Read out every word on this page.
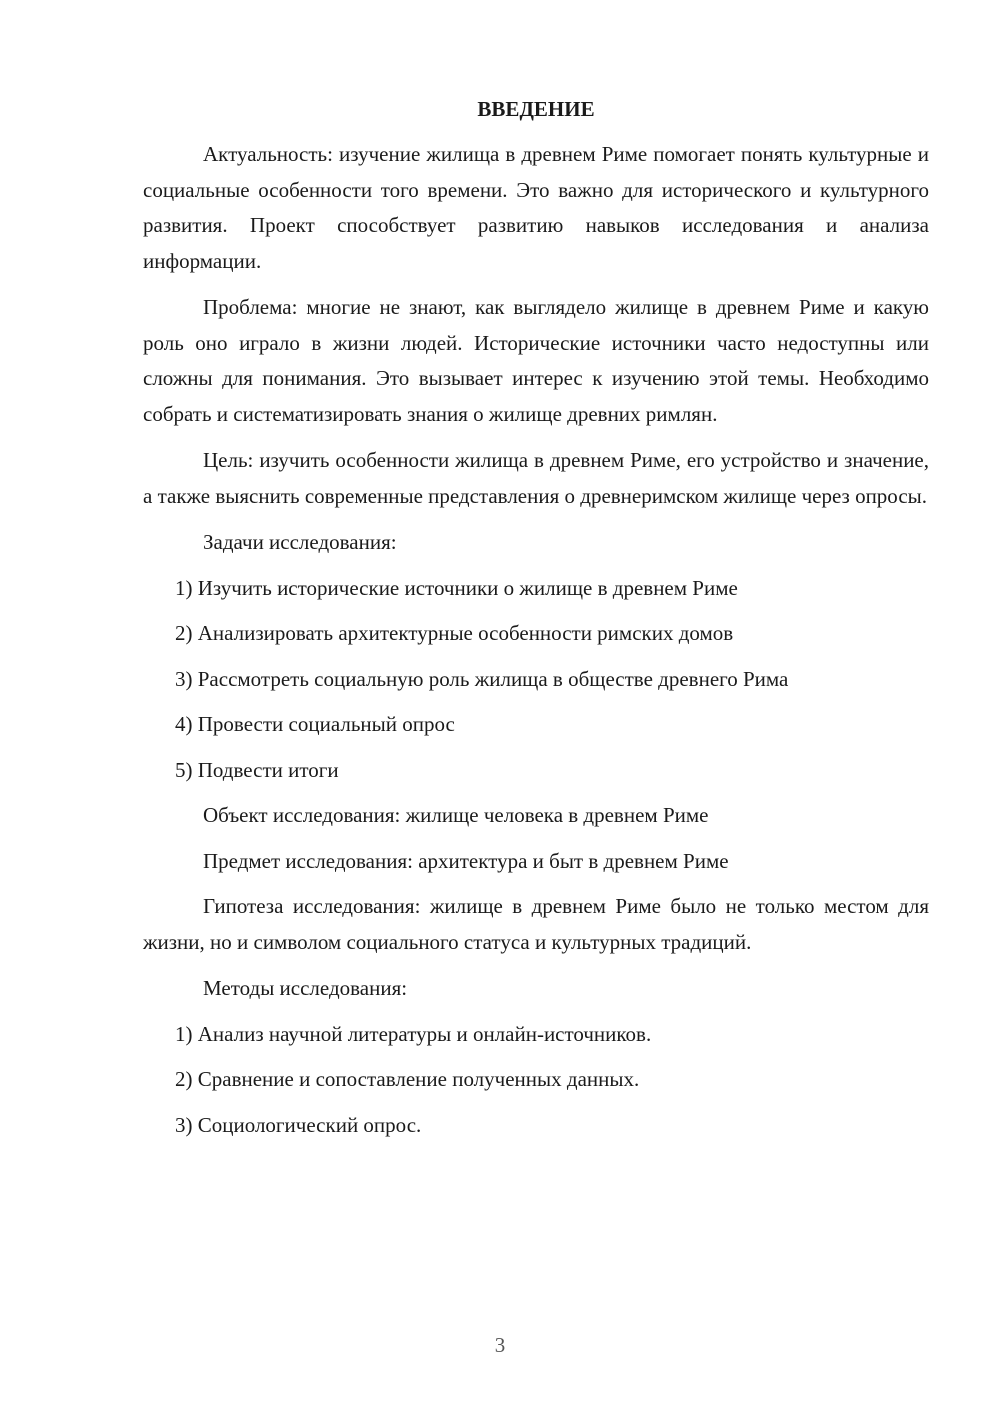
ВВЕДЕНИЕ

Актуальность: изучение жилища в древнем Риме помогает понять культурные и социальные особенности того времени. Это важно для исторического и культурного развития. Проект способствует развитию навыков исследования и анализа информации.

Проблема: многие не знают, как выглядело жилище в древнем Риме и какую роль оно играло в жизни людей. Исторические источники часто недоступны или сложны для понимания. Это вызывает интерес к изучению этой темы. Необходимо собрать и систематизировать знания о жилище древних римлян.

Цель: изучить особенности жилища в древнем Риме, его устройство и значение, а также выяснить современные представления о древнеримском жилище через опросы.

Задачи исследования:
1) Изучить исторические источники о жилище в древнем Риме
2) Анализировать архитектурные особенности римских домов
3) Рассмотреть социальную роль жилища в обществе древнего Рима
4) Провести социальный опрос
5) Подвести итоги
Объект исследования: жилище человека в древнем Риме
Предмет исследования: архитектура и быт в древнем Риме

Гипотеза исследования: жилище в древнем Риме было не только местом для жизни, но и символом социального статуса и культурных традиций.

Методы исследования:
1) Анализ научной литературы и онлайн-источников.
2) Сравнение и сопоставление полученных данных.
3) Социологический опрос.
3
